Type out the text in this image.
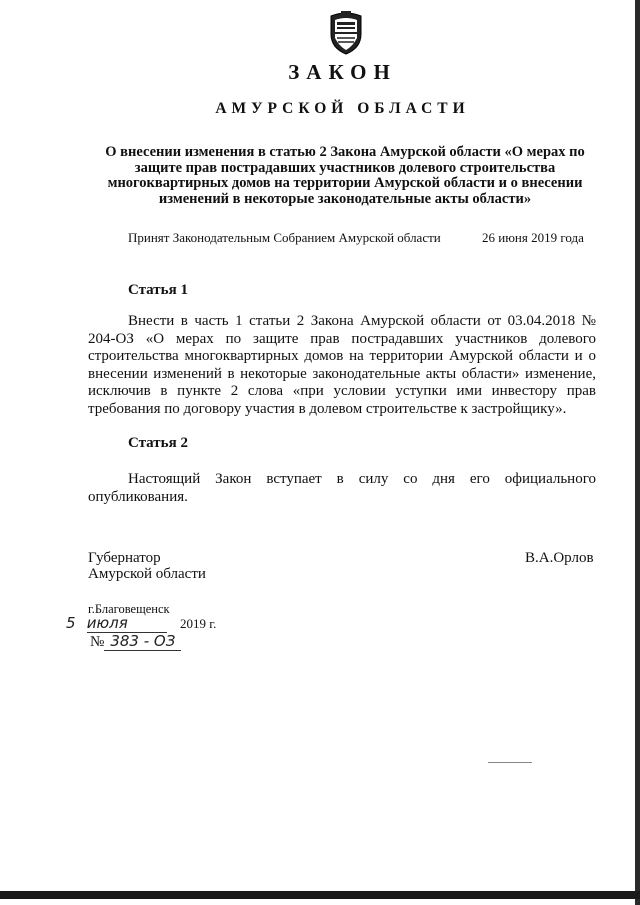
ЗАКОН
АМУРСКОЙ ОБЛАСТИ
О внесении изменения в статью 2 Закона Амурской области «О мерах по защите прав пострадавших участников долевого строительства многоквартирных домов на территории Амурской области и о внесении изменений в некоторые законодательные акты области»
Принят Законодательным Собранием Амурской области	26 июня 2019 года
Статья 1
Внести в часть 1 статьи 2 Закона Амурской области от 03.04.2018 № 204-ОЗ «О мерах по защите прав пострадавших участников долевого строительства многоквартирных домов на территории Амурской области и о внесении изменений в некоторые законодательные акты области» изменение, исключив в пункте 2 слова «при условии уступки ими инвестору прав требования по договору участия в долевом строительстве к застройщику».
Статья 2
Настоящий Закон вступает в силу со дня его официального опубликования.
Губернатор
Амурской области
В.А.Орлов
г.Благовещенск
5 июля	2019 г.
№ 383 - ОЗ
